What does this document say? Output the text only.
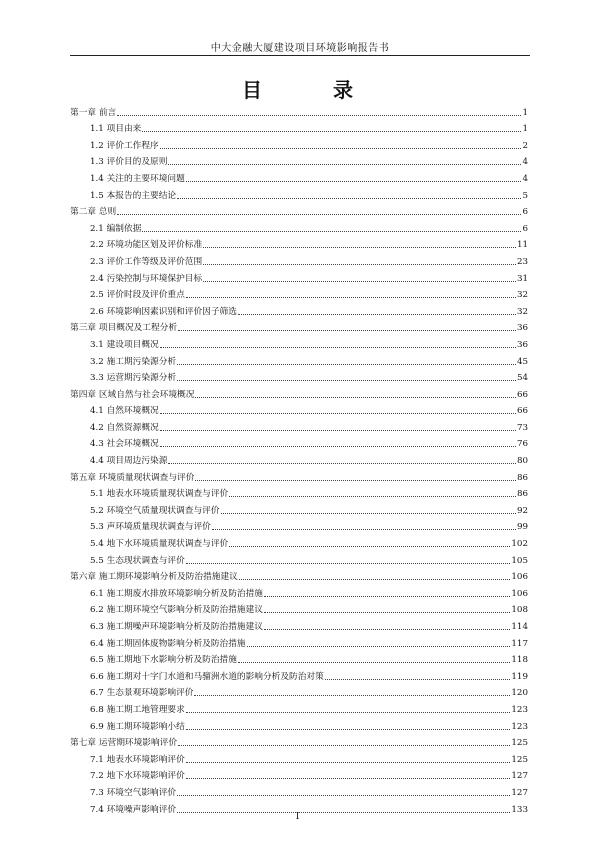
中大金融大厦建设项目环境影响报告书
目 录
第一章 前言	1
1.1 项目由来	1
1.2 评价工作程序	2
1.3 评价目的及原则	4
1.4 关注的主要环境问题	4
1.5 本报告的主要结论	5
第二章 总则	6
2.1 编制依据	6
2.2 环境功能区划及评价标准	11
2.3 评价工作等级及评价范围	23
2.4 污染控制与环境保护目标	31
2.5 评价时段及评价重点	32
2.6 环境影响因素识别和评价因子筛选	32
第三章 项目概况及工程分析	36
3.1 建设项目概况	36
3.2 施工期污染源分析	45
3.3 运营期污染源分析	54
第四章 区域自然与社会环境概况	66
4.1 自然环境概况	66
4.2 自然资源概况	73
4.3 社会环境概况	76
4.4 项目周边污染源	80
第五章 环境质量现状调查与评价	86
5.1 地表水环境质量现状调查与评价	86
5.2 环境空气质量现状调查与评价	92
5.3 声环境质量现状调查与评价	99
5.4 地下水环境质量现状调查与评价	102
5.5 生态现状调查与评价	105
第六章 施工期环境影响分析及防治措施建议	106
6.1 施工期废水排放环境影响分析及防治措施	106
6.2 施工期环境空气影响分析及防治措施建议	108
6.3 施工期噪声环境影响分析及防治措施建议	114
6.4 施工期固体废物影响分析及防治措施	117
6.5 施工期地下水影响分析及防治措施	118
6.6 施工期对十字门水道和马骝洲水道的影响分析及防治对策	119
6.7 生态景观环境影响评价	120
6.8 施工期工地管理要求	123
6.9 施工期环境影响小结	123
第七章 运营期环境影响评价	125
7.1 地表水环境影响评价	125
7.2 地下水环境影响评价	127
7.3 环境空气影响评价	127
7.4 环境噪声影响评价	133
I
